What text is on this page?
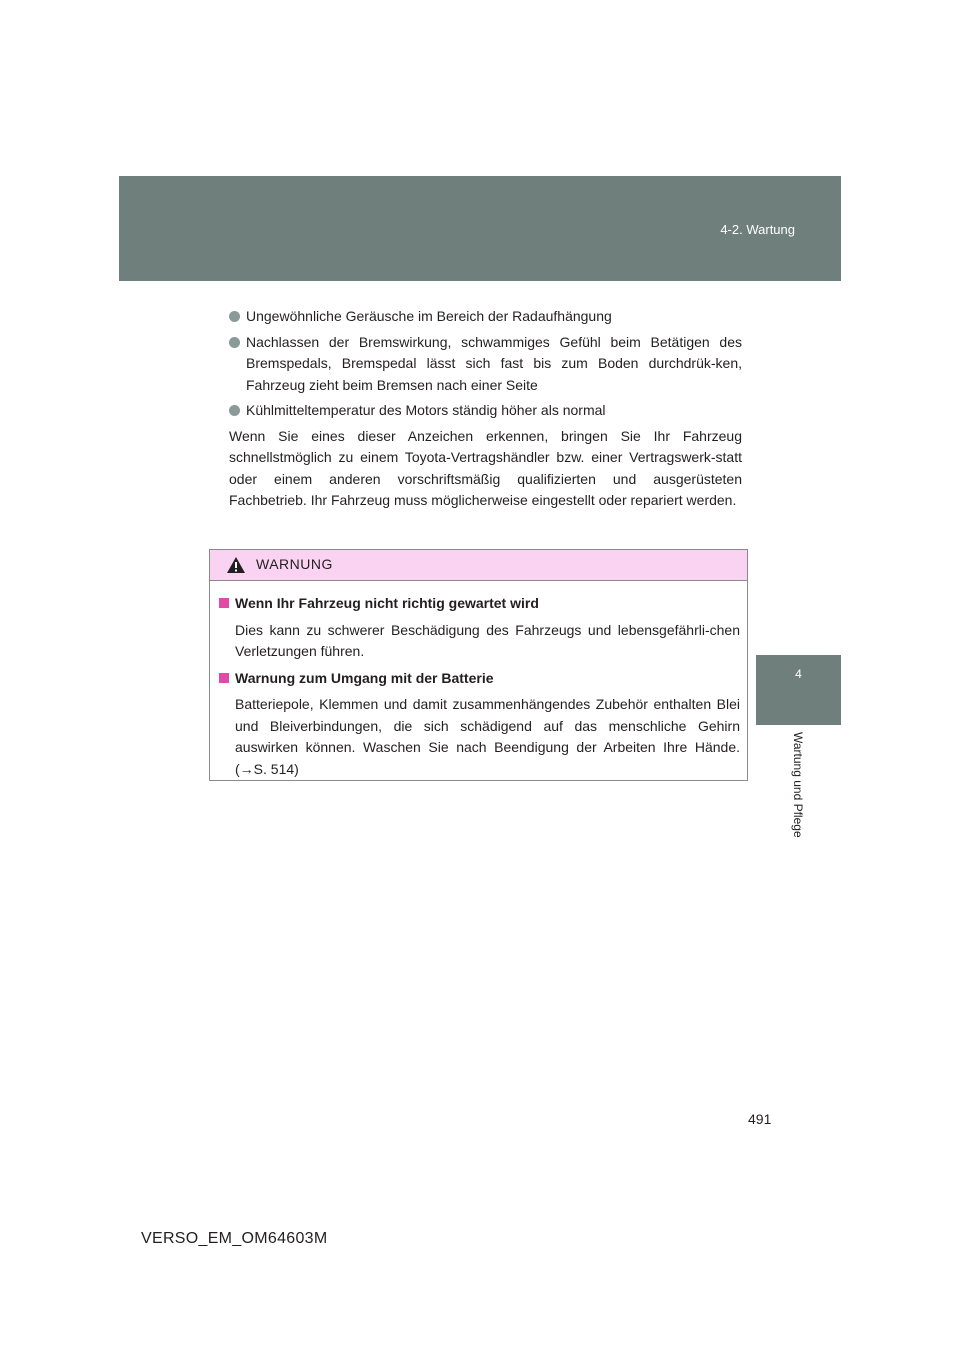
4-2. Wartung
4
Wartung und Pflege
Ungewöhnliche Geräusche im Bereich der Radaufhängung
Nachlassen der Bremswirkung, schwammiges Gefühl beim Betätigen des Bremspedals, Bremspedal lässt sich fast bis zum Boden durchdrük-ken, Fahrzeug zieht beim Bremsen nach einer Seite
Kühlmitteltemperatur des Motors ständig höher als normal

Wenn Sie eines dieser Anzeichen erkennen, bringen Sie Ihr Fahrzeug schnellstmöglich zu einem Toyota-Vertragshändler bzw. einer Vertragswerk-statt oder einem anderen vorschriftsmäßig qualifizierten und ausgerüsteten Fachbetrieb. Ihr Fahrzeug muss möglicherweise eingestellt oder repariert werden.

WARNUNG
Wenn Ihr Fahrzeug nicht richtig gewartet wird
Dies kann zu schwerer Beschädigung des Fahrzeugs und lebensgefährli-chen Verletzungen führen.
Warnung zum Umgang mit der Batterie
Batteriepole, Klemmen und damit zusammenhängendes Zubehör enthalten Blei und Bleiverbindungen, die sich schädigend auf das menschliche Gehirn auswirken können. Waschen Sie nach Beendigung der Arbeiten Ihre Hände. (→S. 514)
491
VERSO_EM_OM64603M
